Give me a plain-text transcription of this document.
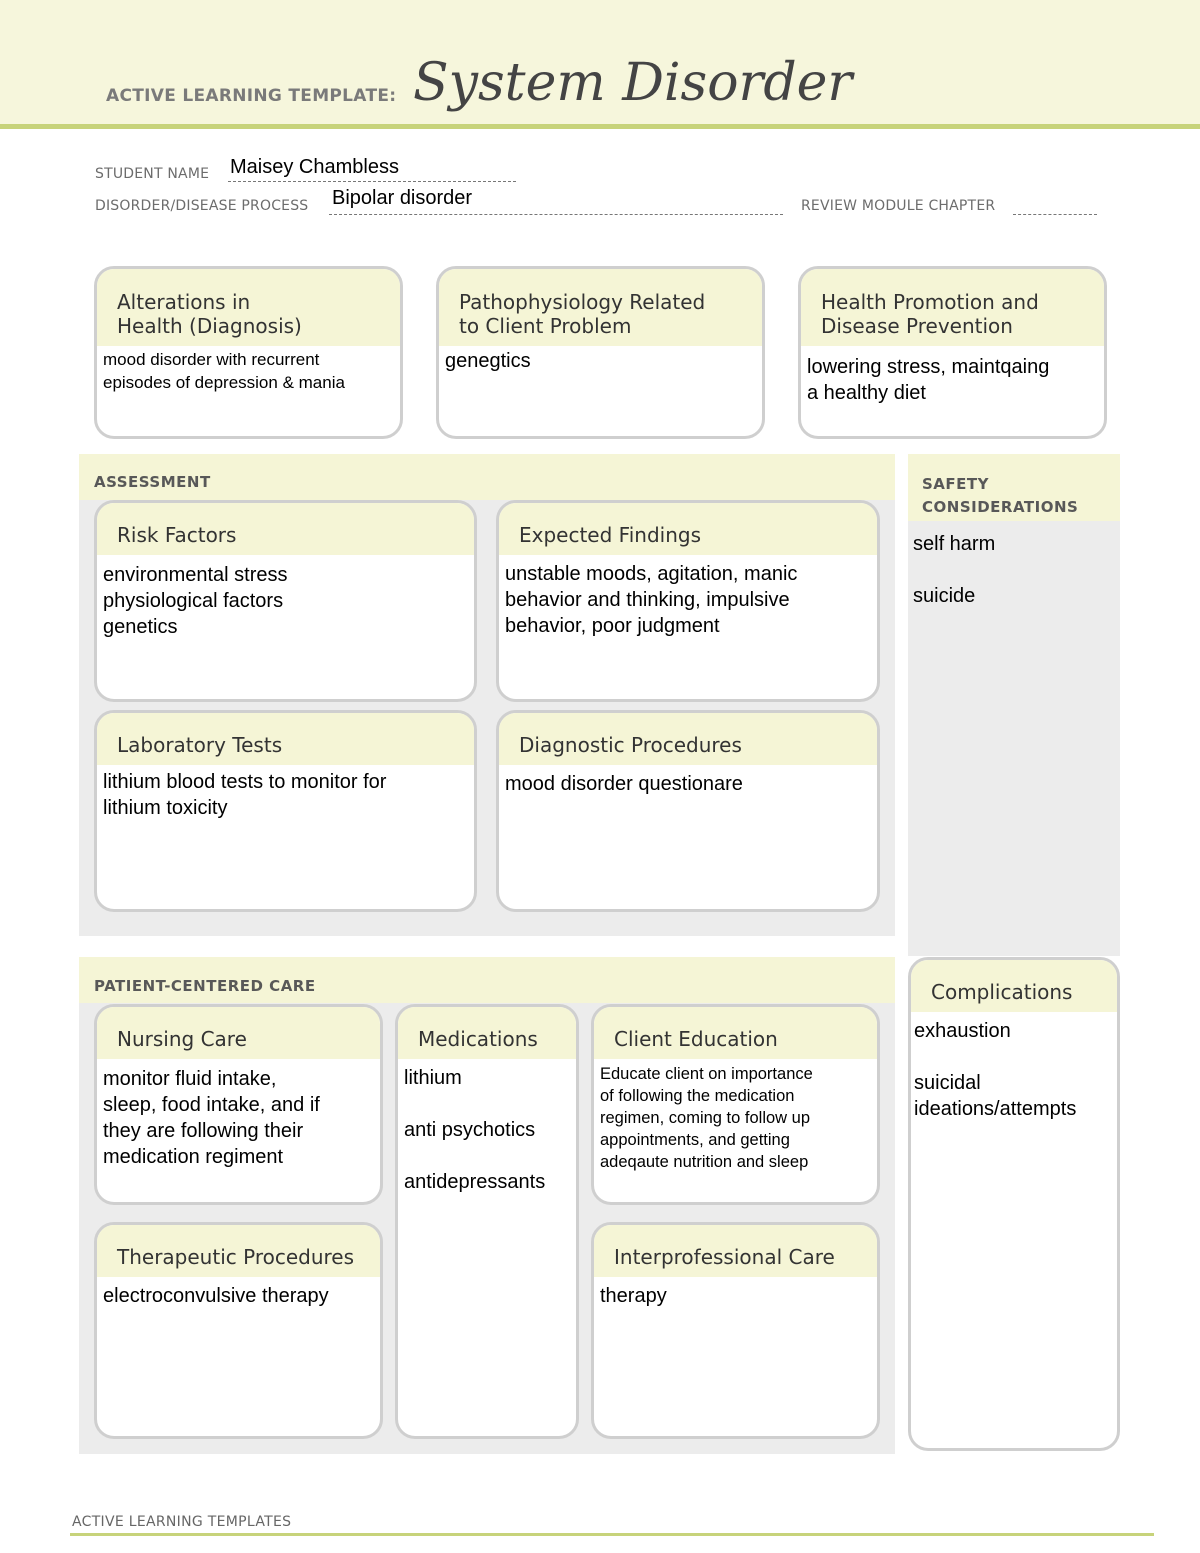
ACTIVE LEARNING TEMPLATE: System Disorder
STUDENT NAME Maisey Chambless
DISORDER/DISEASE PROCESS Bipolar disorder	REVIEW MODULE CHAPTER
Alterations in
Health (Diagnosis)
mood disorder with recurrent
episodes of depression & mania
Pathophysiology Related
to Client Problem
genegtics
Health Promotion and
Disease Prevention
lowering stress, maintqaing
a healthy diet
ASSESSMENT
Risk Factors
environmental stress
physiological factors
genetics
Expected Findings
unstable moods, agitation, manic
behavior and thinking, impulsive
behavior, poor judgment
Laboratory Tests
lithium blood tests to monitor for
lithium toxicity
Diagnostic Procedures
mood disorder questionare
SAFETY
CONSIDERATIONS
self harm

suicide
PATIENT-CENTERED CARE
Nursing Care
monitor fluid intake,
sleep, food intake, and if
they are following their
medication regiment
Medications
lithium

anti psychotics

antidepressants
Client Education
Educate client on importance
of following the medication
regimen, coming to follow up
appointments, and getting
adeqaute nutrition and sleep
Therapeutic Procedures
electroconvulsive therapy
Interprofessional Care
therapy
Complications
exhaustion

suicidal
ideations/attempts
ACTIVE LEARNING TEMPLATES
